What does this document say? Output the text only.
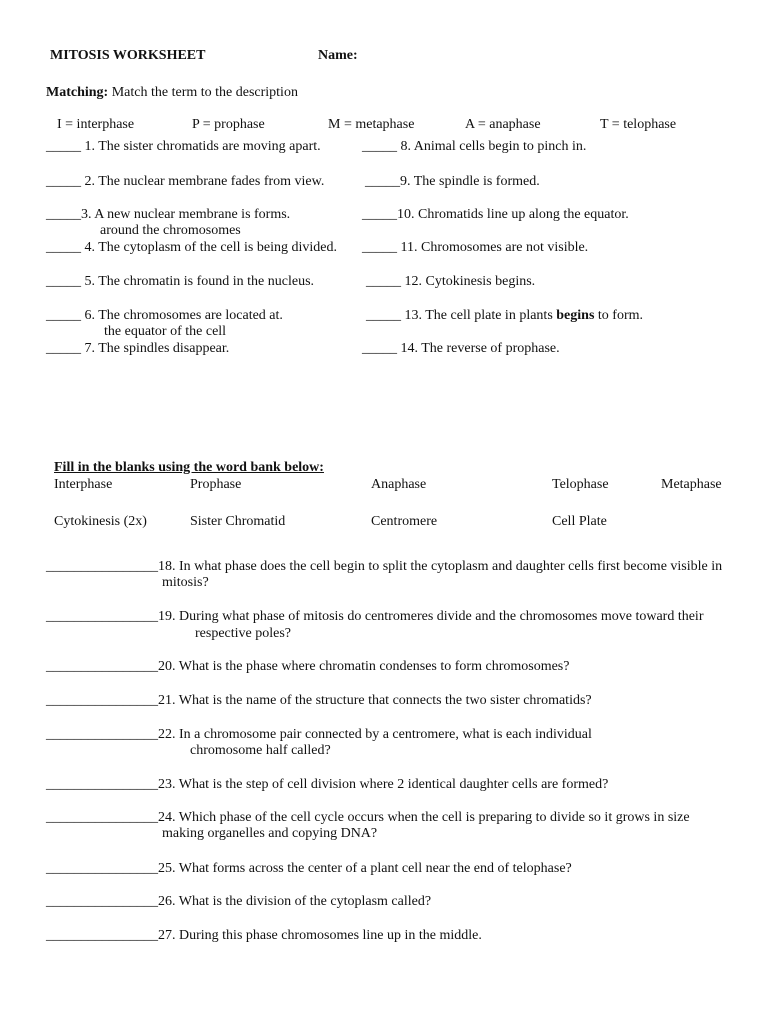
MITOSIS WORKSHEET	Name:
Matching: Match the term to the description
I = interphase	P = prophase	M = metaphase	A = anaphase	T = telophase
_____ 1. The sister chromatids are moving apart.
_____ 2. The nuclear membrane fades from view.
_____3. A new nuclear membrane is forms.
around the chromosomes
_____ 4. The cytoplasm of the cell is being divided.
_____ 5. The chromatin is found in the nucleus.
_____ 6. The chromosomes are located at.
the equator of the cell
_____ 7. The spindles disappear.
_____ 8. Animal cells begin to pinch in.
_____9. The spindle is formed.
_____10. Chromatids line up along the equator.
_____ 11. Chromosomes are not visible.
_____ 12. Cytokinesis begins.
_____ 13. The cell plate in plants begins to form.
_____ 14. The reverse of prophase.
Fill in the blanks using the word bank below:
Interphase	Prophase	Anaphase	Telophase	Metaphase
Cytokinesis (2x)	Sister Chromatid	Centromere	Cell Plate
________________18. In what phase does the cell begin to split the cytoplasm and daughter cells first become visible in
mitosis?
________________19. During what phase of mitosis do centromeres divide and the chromosomes move toward their
respective poles?
________________20. What is the phase where chromatin condenses to form chromosomes?
________________21. What is the name of the structure that connects the two sister chromatids?
________________22. In a chromosome pair connected by a centromere, what is each individual
chromosome half called?
________________23. What is the step of cell division where 2 identical daughter cells are formed?
________________24. Which phase of the cell cycle occurs when the cell is preparing to divide so it grows in size
making organelles and copying DNA?
________________25. What forms across the center of a plant cell near the end of telophase?
________________26. What is the division of the cytoplasm called?
________________27. During this phase chromosomes line up in the middle.
